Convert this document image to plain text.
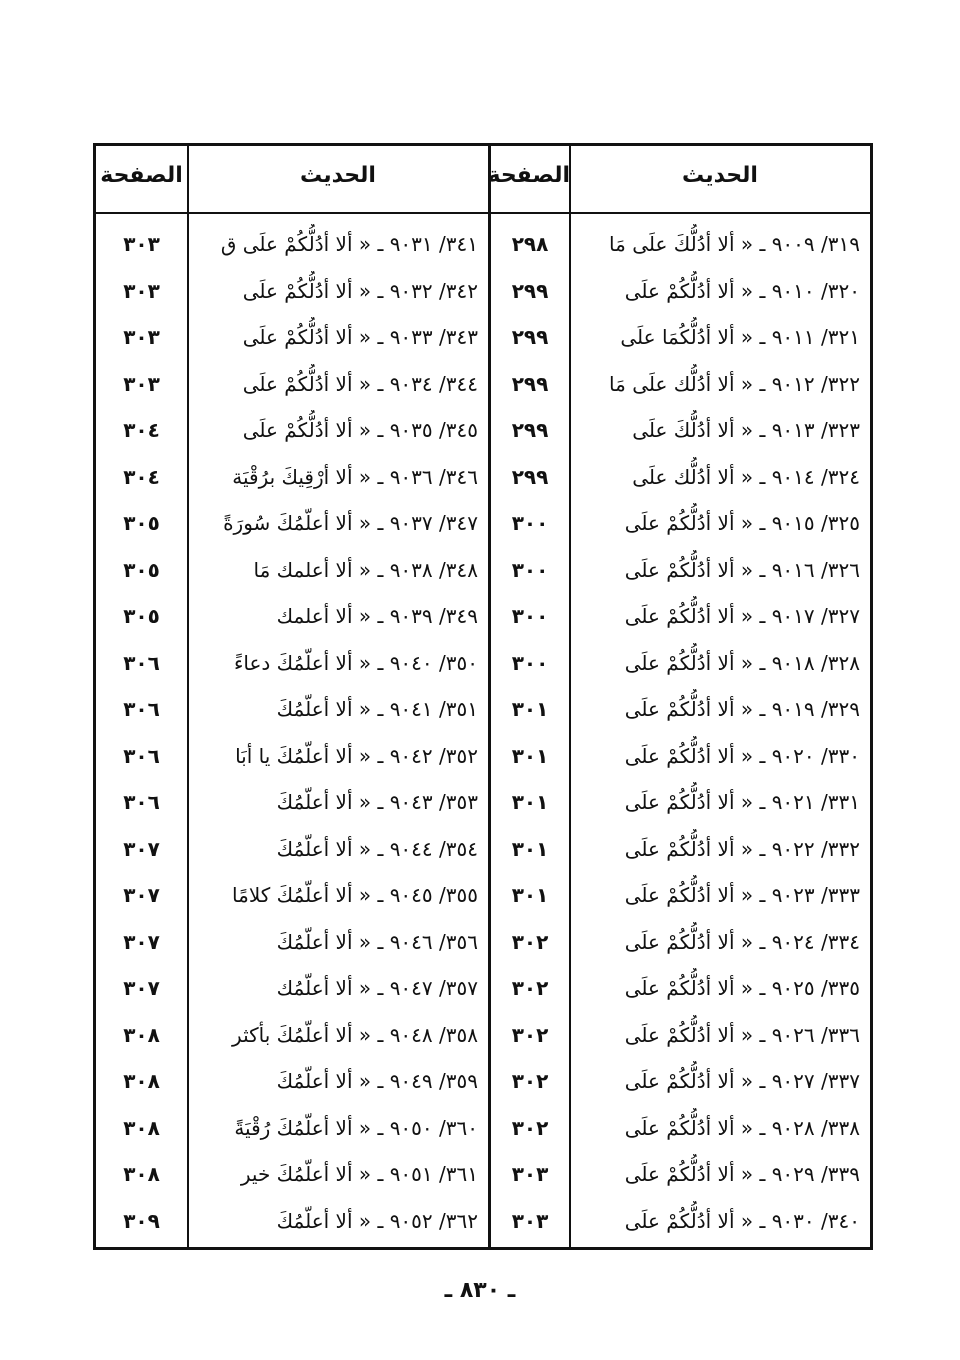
الحديث
الصفحة
الحديث
الصفحة
٣١٩/ ٩٠٠٩ ـ « ألا أدُلُّكَ علَى مَا
٢٩٨
٣٢٠/ ٩٠١٠ ـ « ألا أدُلُّكُمْ علَى
٢٩٩
٣٢١/ ٩٠١١ ـ « ألا أدُلُّكُمَا علَى
٢٩٩
٣٢٢/ ٩٠١٢ ـ « ألا أدُلُّك علَى مَا
٢٩٩
٣٢٣/ ٩٠١٣ ـ « ألا أدُلُّكَ علَى
٢٩٩
٣٢٤/ ٩٠١٤ ـ « ألا أدُلُّك علَى
٢٩٩
٣٢٥/ ٩٠١٥ ـ « ألا أدُلُّكُمْ علَى
٣٠٠
٣٢٦/ ٩٠١٦ ـ « ألا أدُلُّكُمْ علَى
٣٠٠
٣٢٧/ ٩٠١٧ ـ « ألا أدُلُّكُمْ علَى
٣٠٠
٣٢٨/ ٩٠١٨ ـ « ألا أدُلُّكُمْ علَى
٣٠٠
٣٢٩/ ٩٠١٩ ـ « ألا أدُلُّكُمْ علَى
٣٠١
٣٣٠/ ٩٠٢٠ ـ « ألا أدُلُّكُمْ علَى
٣٠١
٣٣١/ ٩٠٢١ ـ « ألا أدُلُّكُمْ علَى
٣٠١
٣٣٢/ ٩٠٢٢ ـ « ألا أدُلُّكُمْ علَى
٣٠١
٣٣٣/ ٩٠٢٣ ـ « ألا أدُلُّكُمْ علَى
٣٠١
٣٣٤/ ٩٠٢٤ ـ « ألا أدُلُّكُمْ علَى
٣٠٢
٣٣٥/ ٩٠٢٥ ـ « ألا أدُلُّكُمْ علَى
٣٠٢
٣٣٦/ ٩٠٢٦ ـ « ألا أدُلُّكُمْ علَى
٣٠٢
٣٣٧/ ٩٠٢٧ ـ « ألا أدُلُّكُمْ علَى
٣٠٢
٣٣٨/ ٩٠٢٨ ـ « ألا أدُلُّكُمْ علَى
٣٠٢
٣٣٩/ ٩٠٢٩ ـ « ألا أدُلُّكُمْ علَى
٣٠٣
٣٤٠/ ٩٠٣٠ ـ « ألا أدُلُّكُمْ علَى
٣٠٣
٣٤١/ ٩٠٣١ ـ « ألا أدُلُّكُمْ علَى ق
٣٠٣
٣٤٢/ ٩٠٣٢ ـ « ألا أدُلُّكُمْ علَى
٣٠٣
٣٤٣/ ٩٠٣٣ ـ « ألا أدُلُّكُمْ علَى
٣٠٣
٣٤٤/ ٩٠٣٤ ـ « ألا أدُلُّكُمْ علَى
٣٠٣
٣٤٥/ ٩٠٣٥ ـ « ألا أدُلُّكُمْ علَى
٣٠٤
٣٤٦/ ٩٠٣٦ ـ « ألا أرْقِيكَ برُقْيَة
٣٠٤
٣٤٧/ ٩٠٣٧ ـ « ألا أعلّمُكَ سُورَةً
٣٠٥
٣٤٨/ ٩٠٣٨ ـ « ألا أعلمك مَا
٣٠٥
٣٤٩/ ٩٠٣٩ ـ « ألا أعلمك
٣٠٥
٣٥٠/ ٩٠٤٠ ـ « ألا أعلّمُكَ دعاءً
٣٠٦
٣٥١/ ٩٠٤١ ـ « ألا أعلّمُكَ
٣٠٦
٣٥٢/ ٩٠٤٢ ـ « ألا أعلّمُكَ يا أبَا
٣٠٦
٣٥٣/ ٩٠٤٣ ـ « ألا أعلّمُكَ
٣٠٦
٣٥٤/ ٩٠٤٤ ـ « ألا أعلّمُكَ
٣٠٧
٣٥٥/ ٩٠٤٥ ـ « ألا أعلّمُكَ كلامًا
٣٠٧
٣٥٦/ ٩٠٤٦ ـ « ألا أعلّمُكَ
٣٠٧
٣٥٧/ ٩٠٤٧ ـ « ألا أعلّمُك
٣٠٧
٣٥٨/ ٩٠٤٨ ـ « ألا أعلّمُكَ بأكثر
٣٠٨
٣٥٩/ ٩٠٤٩ ـ « ألا أعلّمُكَ
٣٠٨
٣٦٠/ ٩٠٥٠ ـ « ألا أعلّمُكَ رُقْيَةً
٣٠٨
٣٦١/ ٩٠٥١ ـ « ألا أعلّمُكَ خير
٣٠٨
٣٦٢/ ٩٠٥٢ ـ « ألا أعلّمُكَ
٣٠٩
ـ ٨٣٠ ـ
